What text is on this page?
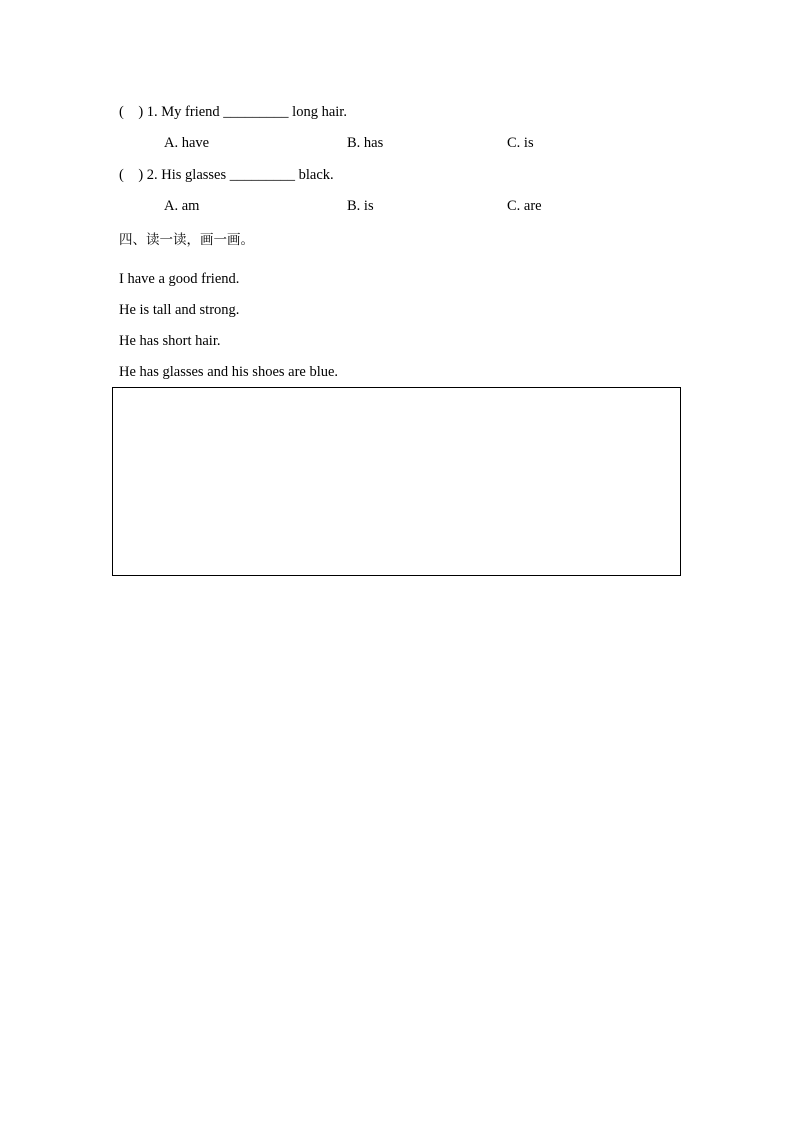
(    ) 1. My friend _________ long hair.
A. have	B. has	C. is
(    ) 2. His glasses _________ black.
A. am	B. is	C. are
四、读一读，画一画。
I have a good friend.
He is tall and strong.
He has short hair.
He has glasses and his shoes are blue.
